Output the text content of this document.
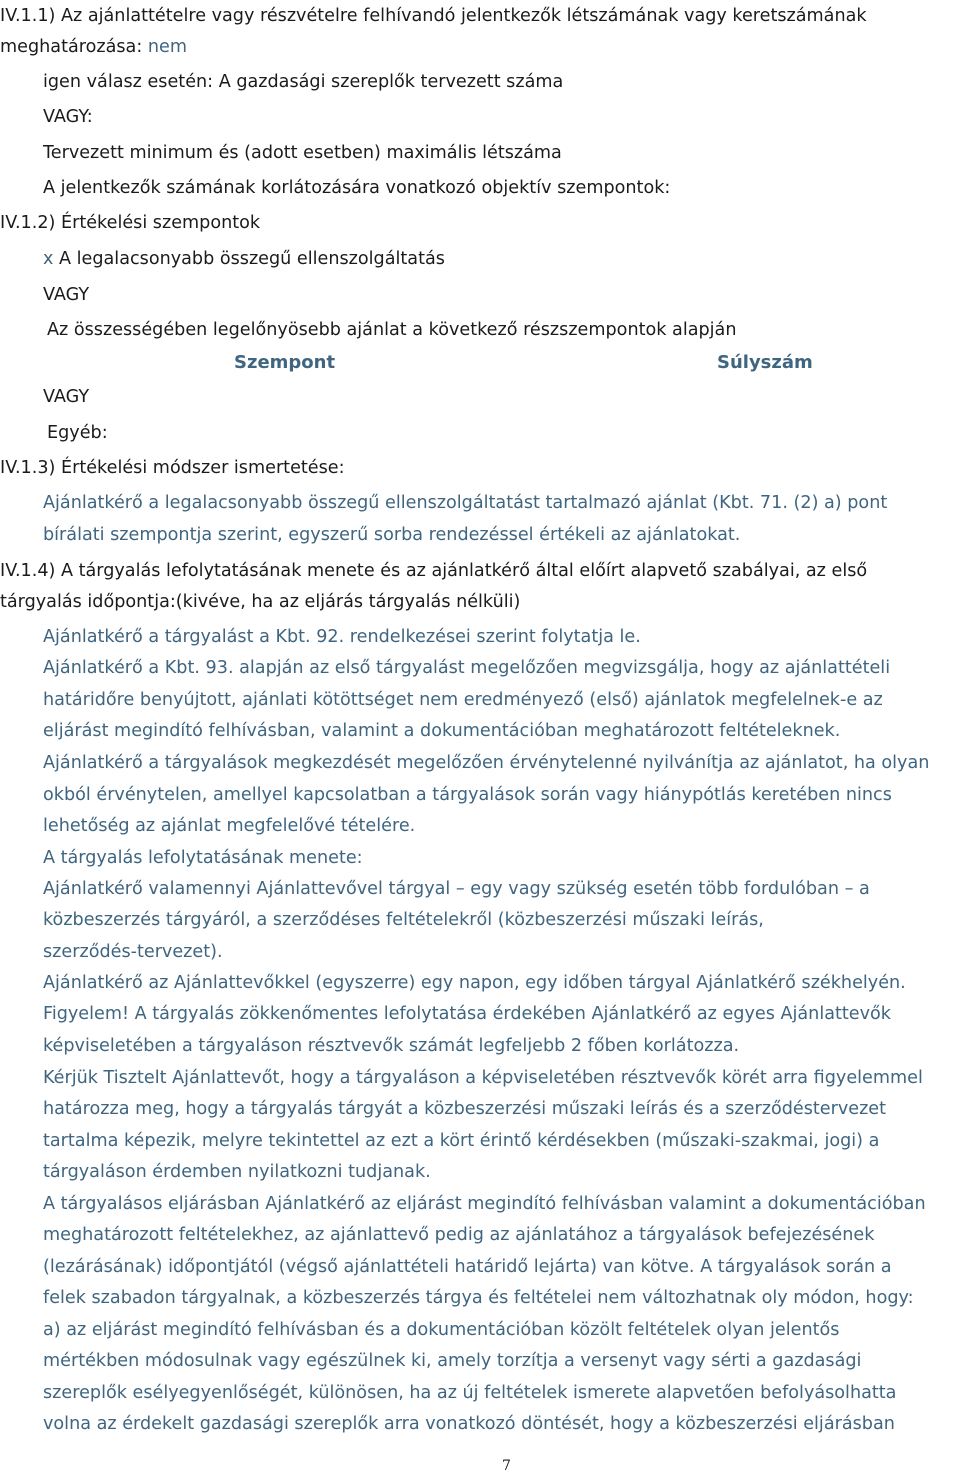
IV.1.1) Az ajánlattételre vagy részvételre felhívandó jelentkezők létszámának vagy keretszámának
meghatározása: nem
igen válasz esetén: A gazdasági szereplők tervezett száma
VAGY:
Tervezett minimum és (adott esetben) maximális létszáma
A jelentkezők számának korlátozására vonatkozó objektív szempontok:
IV.1.2) Értékelési szempontok
x A legalacsonyabb összegű ellenszolgáltatás
VAGY
Az összességében legelőnyösebb ajánlat a következő részszempontok alapján
Szempont	Súlyszám
VAGY
Egyéb:
IV.1.3) Értékelési módszer ismertetése:
Ajánlatkérő a legalacsonyabb összegű ellenszolgáltatást tartalmazó ajánlat (Kbt. 71. (2) a) pont
bírálati szempontja szerint, egyszerű sorba rendezéssel értékeli az ajánlatokat.
IV.1.4) A tárgyalás lefolytatásának menete és az ajánlatkérő által előírt alapvető szabályai, az első
tárgyalás időpontja:(kivéve, ha az eljárás tárgyalás nélküli)
Ajánlatkérő a tárgyalást a Kbt. 92. rendelkezései szerint folytatja le.
Ajánlatkérő a Kbt. 93. alapján az első tárgyalást megelőzően megvizsgálja, hogy az ajánlattételi
határidőre benyújtott, ajánlati kötöttséget nem eredményező (első) ajánlatok megfelelnek-e az
eljárást megindító felhívásban, valamint a dokumentációban meghatározott feltételeknek.
Ajánlatkérő a tárgyalások megkezdését megelőzően érvénytelenné nyilvánítja az ajánlatot, ha olyan
okból érvénytelen, amellyel kapcsolatban a tárgyalások során vagy hiánypótlás keretében nincs
lehetőség az ajánlat megfelelővé tételére.
A tárgyalás lefolytatásának menete:
Ajánlatkérő valamennyi Ajánlattevővel tárgyal – egy vagy szükség esetén több fordulóban – a
közbeszerzés tárgyáról, a szerződéses feltételekről (közbeszerzési műszaki leírás,
szerződés-tervezet).
Ajánlatkérő az Ajánlattevőkkel (egyszerre) egy napon, egy időben tárgyal Ajánlatkérő székhelyén.
Figyelem! A tárgyalás zökkenőmentes lefolytatása érdekében Ajánlatkérő az egyes Ajánlattevők
képviseletében a tárgyaláson résztvevők számát legfeljebb 2 főben korlátozza.
Kérjük Tisztelt Ajánlattevőt, hogy a tárgyaláson a képviseletében résztvevők körét arra figyelemmel
határozza meg, hogy a tárgyalás tárgyát a közbeszerzési műszaki leírás és a szerződéstervezet
tartalma képezik, melyre tekintettel az ezt a kört érintő kérdésekben (műszaki-szakmai, jogi) a
tárgyaláson érdemben nyilatkozni tudjanak.
A tárgyalásos eljárásban Ajánlatkérő az eljárást megindító felhívásban valamint a dokumentációban
meghatározott feltételekhez, az ajánlattevő pedig az ajánlatához a tárgyalások befejezésének
(lezárásának) időpontjától (végső ajánlattételi határidő lejárta) van kötve. A tárgyalások során a
felek szabadon tárgyalnak, a közbeszerzés tárgya és feltételei nem változhatnak oly módon, hogy:
a) az eljárást megindító felhívásban és a dokumentációban közölt feltételek olyan jelentős
mértékben módosulnak vagy egészülnek ki, amely torzítja a versenyt vagy sérti a gazdasági
szereplők esélyegyenlőségét, különösen, ha az új feltételek ismerete alapvetően befolyásolhatta
volna az érdekelt gazdasági szereplők arra vonatkozó döntését, hogy a közbeszerzési eljárásban
7
